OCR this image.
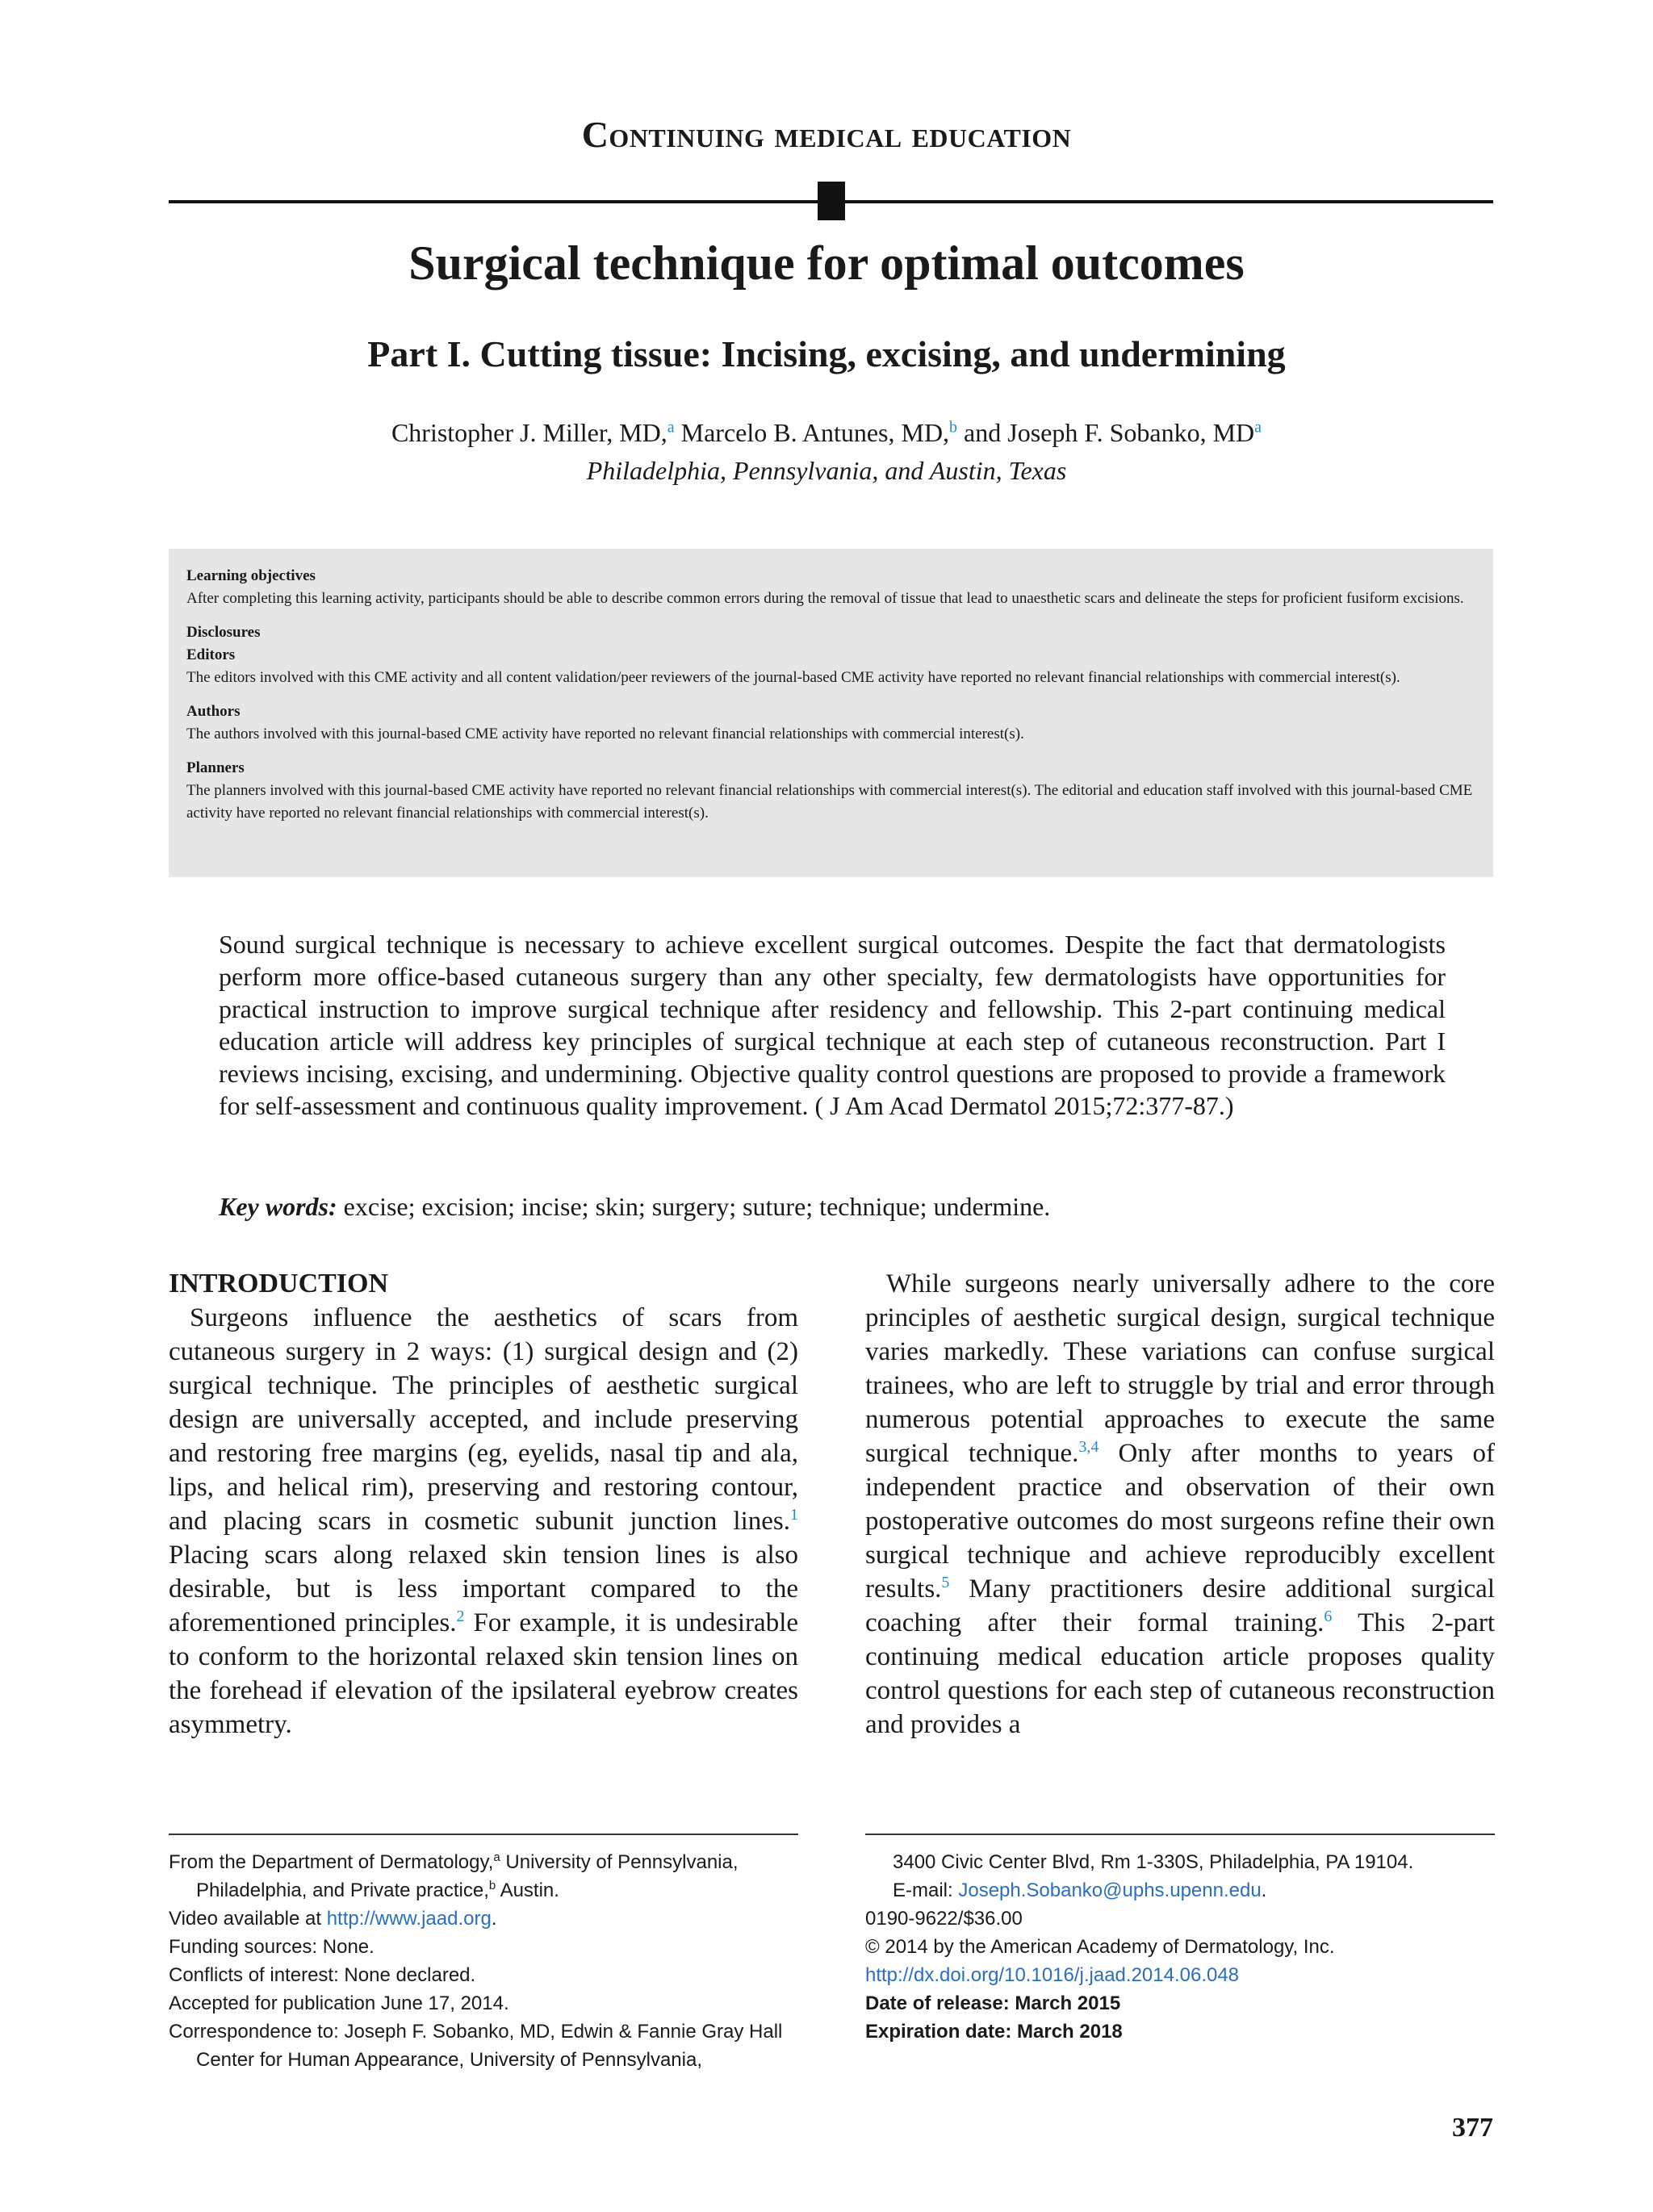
Continuing medical education
Surgical technique for optimal outcomes
Part I. Cutting tissue: Incising, excising, and undermining
Christopher J. Miller, MD,$^a$ Marcelo B. Antunes, MD,$^b$ and Joseph F. Sobanko, $MD^a$
Philadelphia, Pennsylvania, and Austin, Texas

Learning objectives

After completing this learning activity, participants should be able to describe common errors during the removal of tissue that lead to unaesthetic scars and delineate the steps for proficient fusiform excisions.

Disclosures

Editors

The editors involved with this CME activity and all content validation/peer reviewers of the journal-based CME activity have reported no relevant financial relationships with commercial interest(s).

Authors

The authors involved with this journal-based CME activity have reported no relevant financial relationships with commercial interest(s).

Planners

The planners involved with this journal-based CME activity have reported no relevant financial relationships with commercial interest(s). The editorial and education staff involved with this journal-based CME activity have reported no relevant financial relationships with commercial interest(s).

Sound surgical technique is necessary to achieve excellent surgical outcomes. Despite the fact that dermatologists perform more office-based cutaneous surgery than any other specialty, few dermatologists have opportunities for practical instruction to improve surgical technique after residency and fellowship. This 2-part continuing medical education article will address key principles of surgical technique at each step of cutaneous reconstruction. Part I reviews incising, excising, and undermining. Objective quality control questions are proposed to provide a framework for self-assessment and continuous quality improvement. ( J Am Acad Dermatol 2015;72:377-87.)

Key words: excise; excision; incise; skin; surgery; suture; technique; undermine.

INTRODUCTION

Surgeons influence the aesthetics of scars from cutaneous surgery in 2 ways: (1) surgical design and (2) surgical technique. The principles of aesthetic surgical design are universally accepted, and include preserving and restoring free margins (eg, eyelids, nasal tip and ala, lips, and helical rim), preserving and restoring contour, and placing scars in cosmetic subunit junction lines.$^1$ Placing scars along relaxed skin tension lines is also desirable, but is less important compared to the aforementioned principles.$^2$ For example, it is undesirable to conform to the horizontal relaxed skin tension lines on the forehead if elevation of the ipsilateral eyebrow creates asymmetry.

While surgeons nearly universally adhere to the core principles of aesthetic surgical design, surgical technique varies markedly. These variations can confuse surgical trainees, who are left to struggle by trial and error through numerous potential approaches to execute the same surgical technique.$^{3,4}$ Only after months to years of independent practice and observation of their own postoperative outcomes do most surgeons refine their own surgical technique and achieve reproducibly excellent results.$^5$ Many practitioners desire additional surgical coaching after their formal training.$^6$ This 2-part continuing medical education article proposes quality control questions for each step of cutaneous reconstruction and provides a

From the Department of Dermatology,$^a$ University of Pennsylvania, Philadelphia, and Private practice,$^b$ Austin.
Video available at http://www.jaad.org.
Funding sources: None.
Conflicts of interest: None declared.
Accepted for publication June 17, 2014.
Correspondence to: Joseph F. Sobanko, MD, Edwin & Fannie Gray Hall Center for Human Appearance, University of Pennsylvania,
3400 Civic Center Blvd, Rm 1-330S, Philadelphia, PA 19104.
E-mail: Joseph.Sobanko@uphs.upenn.edu.
0190-9622/$36.00
© 2014 by the American Academy of Dermatology, Inc.
http://dx.doi.org/10.1016/j.jaad.2014.06.048
Date of release: March 2015
Expiration date: March 2018
377
